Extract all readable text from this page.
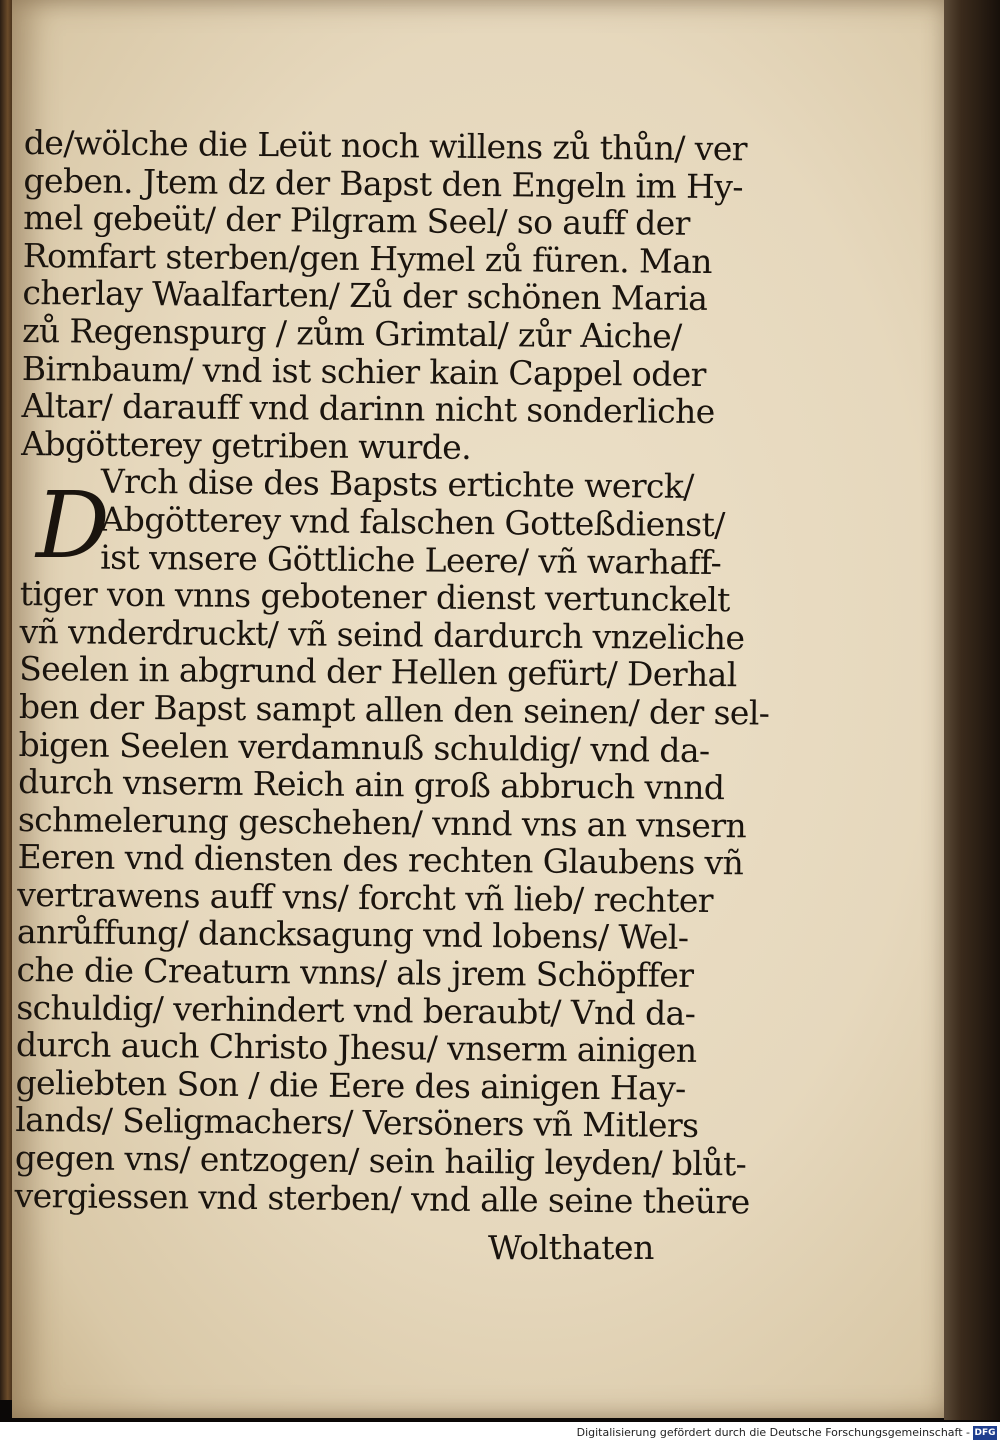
de/wölche die Leüt noch willens zů thůn/ ver
geben. Jtem dz der Bapst den Engeln im Hy-
mel gebeüt/ der Pilgram Seel/ so auff der
Romfart sterben/gen Hymel zů füren. Man
cherlay Waalfarten/ Zů der schönen Maria
zů Regenspurg / zům Grimtal/ zůr Aiche/
Birnbaum/ vnd ist schier kain Cappel oder
Altar/ darauff vnd darinn nicht sonderliche
Abgötterey getriben wurde.
Vrch dise des Bapsts ertichte werck/
Abgötterey vnd falschen Gotteßdienst/
ist vnsere Göttliche Leere/ vñ warhaff-
tiger von vnns gebotener dienst vertunckelt
vñ vnderdruckt/ vñ seind dardurch vnzeliche
Seelen in abgrund der Hellen gefürt/ Derhal
ben der Bapst sampt allen den seinen/ der sel-
bigen Seelen verdamnuß schuldig/ vnd da-
durch vnserm Reich ain groß abbruch vnnd
schmelerung geschehen/ vnnd vns an vnsern
Eeren vnd diensten des rechten Glaubens vñ
vertrawens auff vns/ forcht vñ lieb/ rechter
anrůffung/ dancksagung vnd lobens/ Wel-
che die Creaturn vnns/ als jrem Schöpffer
schuldig/ verhindert vnd beraubt/ Vnd da-
durch auch Christo Jhesu/ vnserm ainigen
geliebten Son / die Eere des ainigen Hay-
lands/ Seligmachers/ Versöners vñ Mitlers
gegen vns/ entzogen/ sein hailig leyden/ blůt-
vergiessen vnd sterben/ vnd alle seine theüre
D
Wolthaten
Digitalisierung gefördert durch die Deutsche Forschungsgemeinschaft - DFG
